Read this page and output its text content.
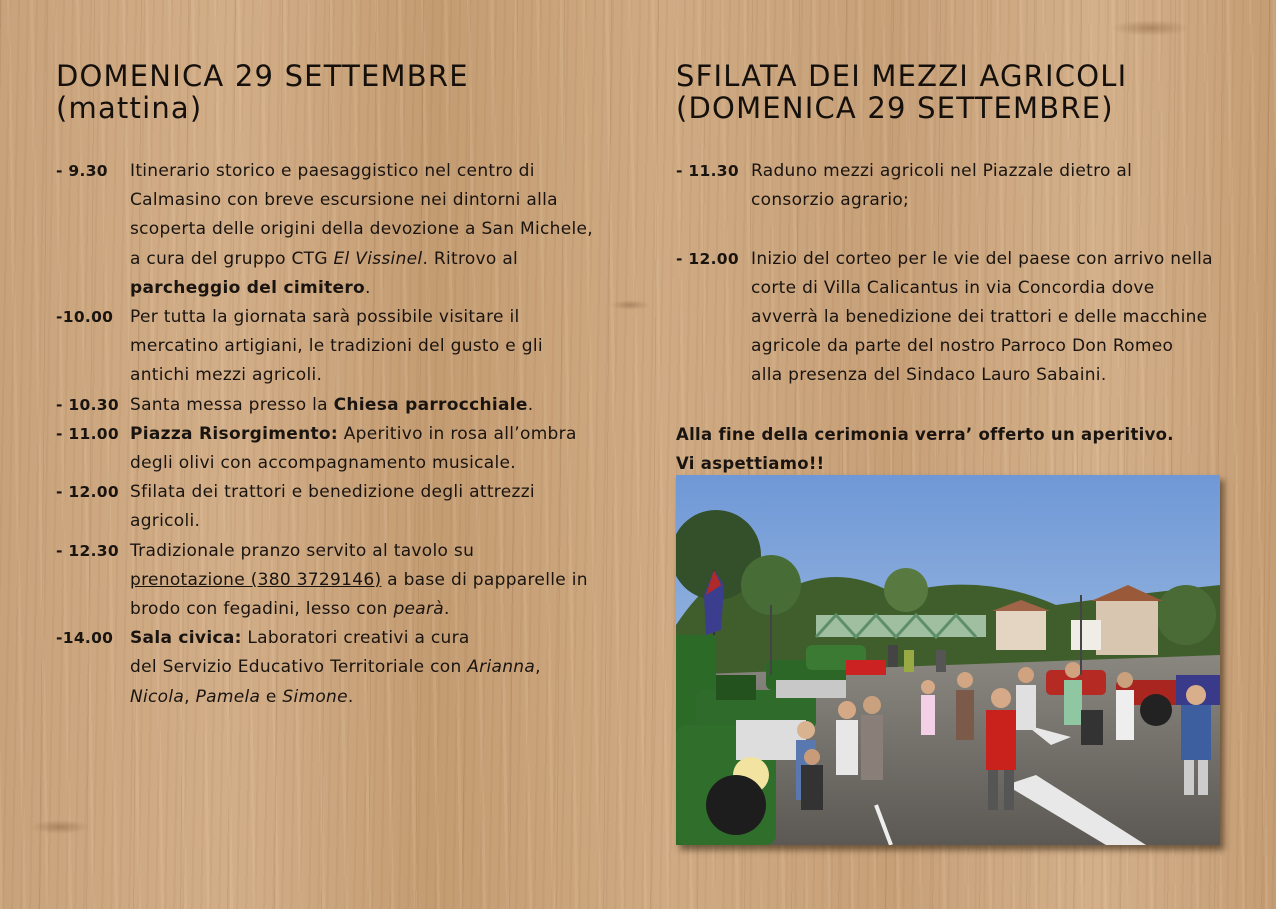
DOMENICA 29 SETTEMBRE
(mattina)
- 9.30 Itinerario storico e paesaggistico nel centro di
Calmasino con breve escursione nei dintorni alla
scoperta delle origini della devozione a San Michele,
a cura del gruppo CTG El Vissinel. Ritrovo al
parcheggio del cimitero.
-10.00 Per tutta la giornata sarà possibile visitare il
mercatino artigiani, le tradizioni del gusto e gli
antichi mezzi agricoli.
- 10.30 Santa messa presso la Chiesa parrocchiale.
- 11.00 Piazza Risorgimento: Aperitivo in rosa all’ombra
degli olivi con accompagnamento musicale.
- 12.00 Sfilata dei trattori e benedizione degli attrezzi
agricoli.
- 12.30 Tradizionale pranzo servito al tavolo su
prenotazione (380 3729146) a base di papparelle in
brodo con fegadini, lesso con pearà.
-14.00 Sala civica: Laboratori creativi a cura
del Servizio Educativo Territoriale con Arianna,
Nicola, Pamela e Simone.
SFILATA DEI MEZZI AGRICOLI
(DOMENICA 29 SETTEMBRE)
- 11.30 Raduno mezzi agricoli nel Piazzale dietro al
consorzio agrario;
- 12.00 Inizio del corteo per le vie del paese con arrivo nella
corte di Villa Calicantus in via Concordia dove
avverrà la benedizione dei trattori e delle macchine
agricole da parte del nostro Parroco Don Romeo
alla presenza del Sindaco Lauro Sabaini.
Alla fine della cerimonia verra’ offerto un aperitivo.
Vi aspettiamo!!
